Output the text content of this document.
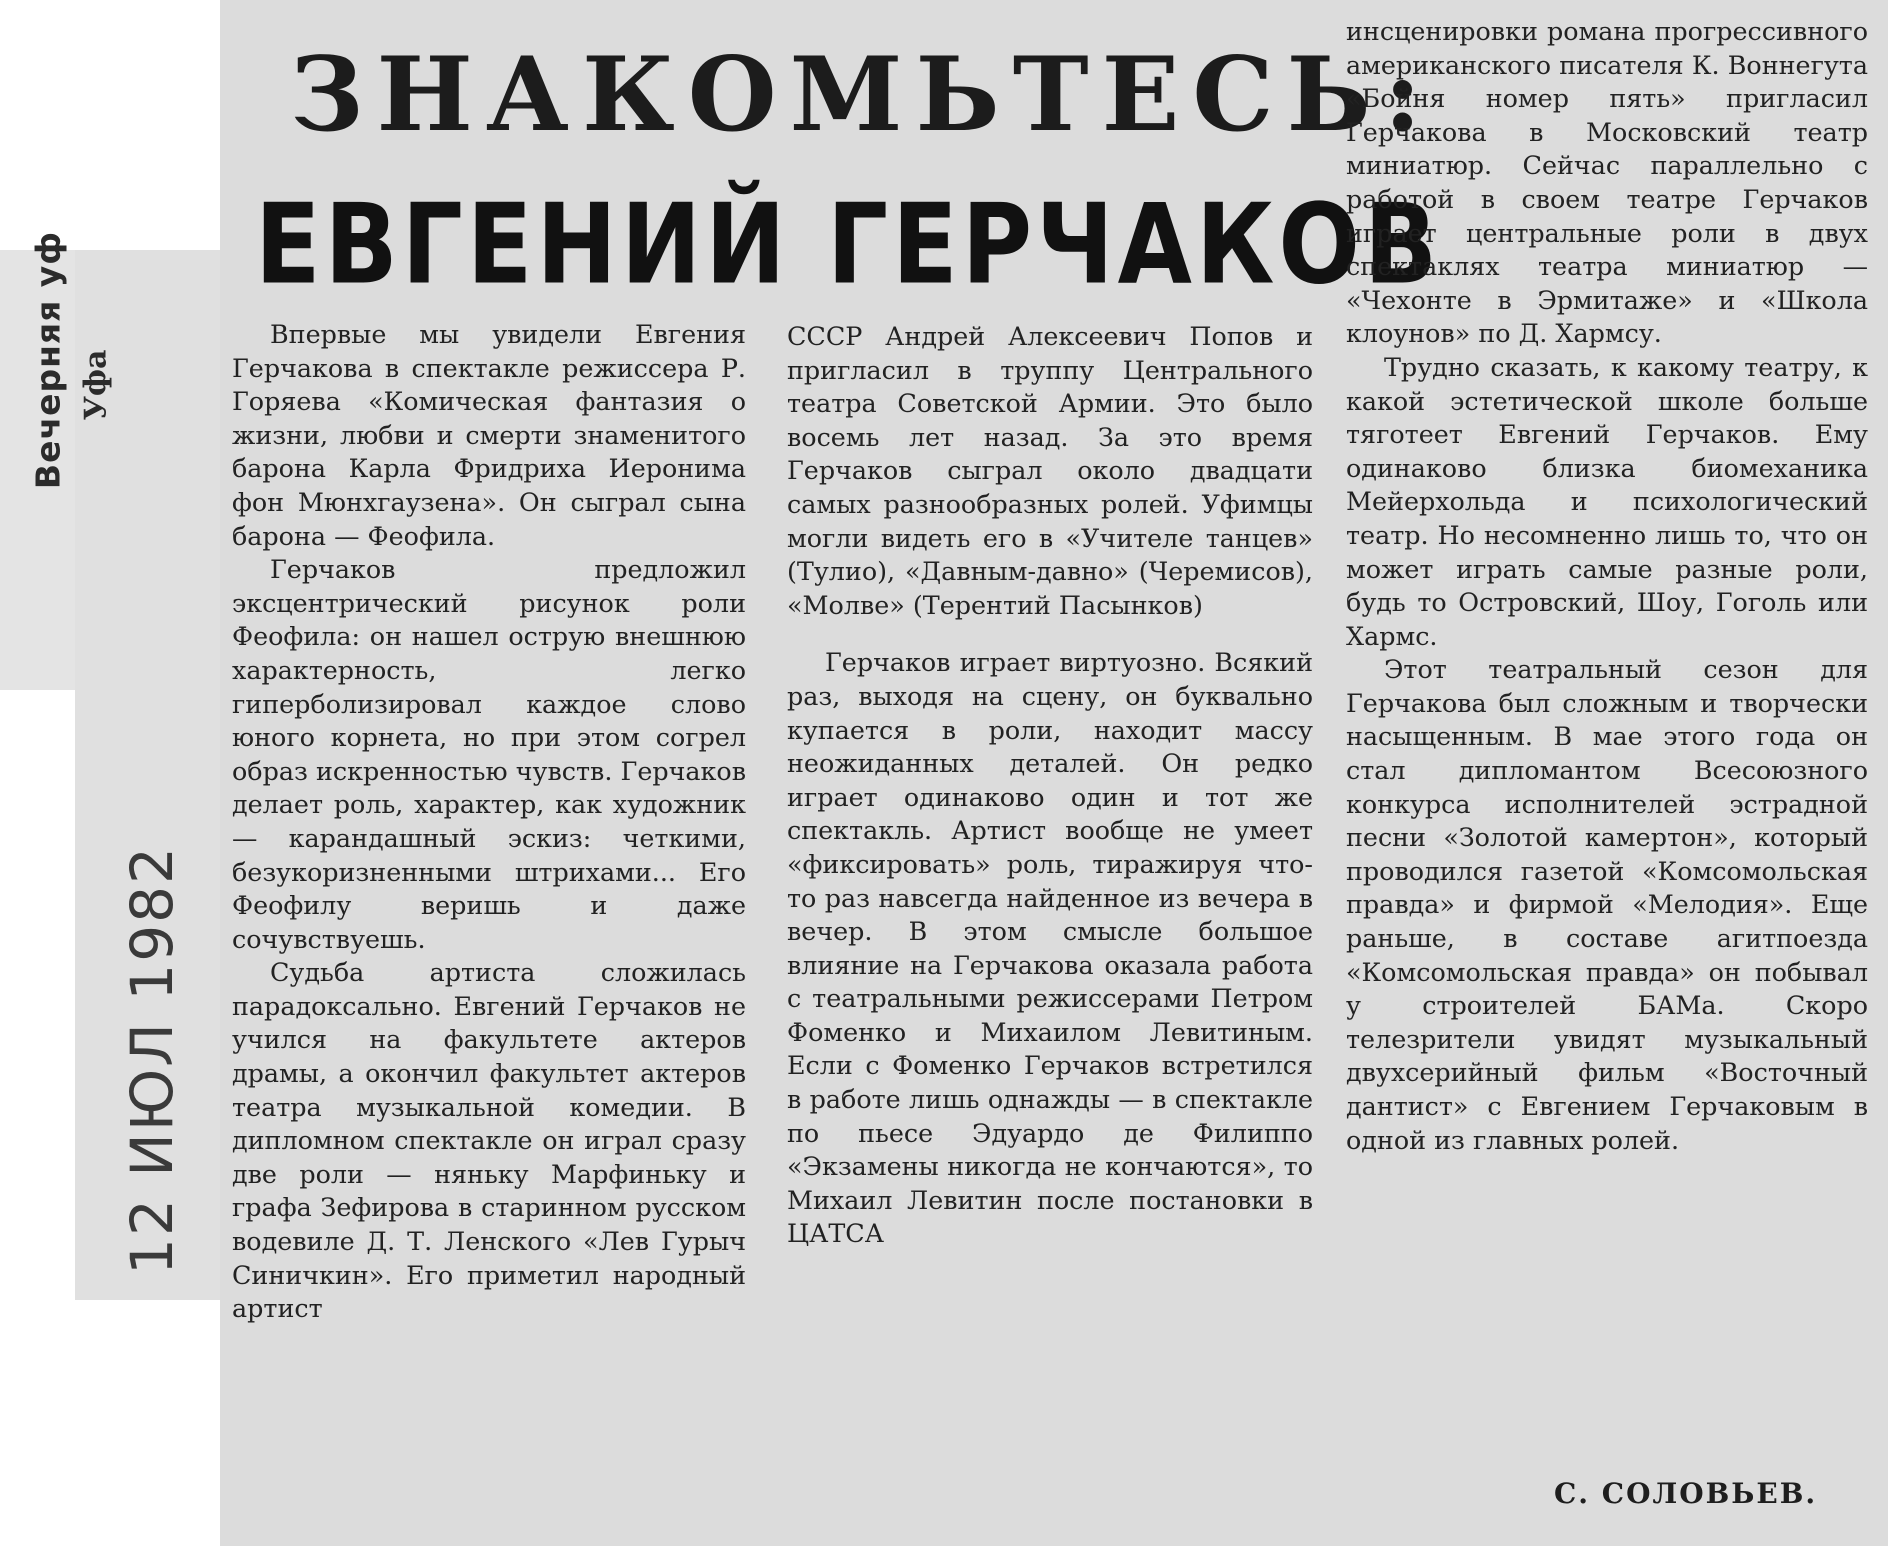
Вечерняя уф Уфа
12 ИЮЛ 1982
ЗНАКОМЬТЕСЬ:
ЕВГЕНИЙ ГЕРЧАКОВ

Впервые мы увидели Евгения Герчакова в спектакле режиссера Р. Горяева «Комическая фантазия о жизни, любви и смерти знаменитого барона Карла Фридриха Иеронима фон Мюнхгаузена». Он сыграл сына барона — Феофила.

Герчаков предложил эксцентрический рисунок роли Феофила: он нашел острую внешнюю характерность, легко гиперболизировал каждое слово юного корнета, но при этом согрел образ искренностью чувств. Герчаков делает роль, характер, как художник — карандашный эскиз: четкими, безукоризненными штрихами... Его Феофилу веришь и даже сочувствуешь.

Судьба артиста сложилась парадоксально. Евгений Герчаков не учился на факультете актеров драмы, а окончил факультет актеров театра музыкальной комедии. В дипломном спектакле он играл сразу две роли — няньку Марфиньку и графа Зефирова в старинном русском водевиле Д. Т. Ленского «Лев Гурыч Синичкин». Его приметил народный артист

СССР Андрей Алексеевич Попов и пригласил в труппу Центрального театра Советской Армии. Это было восемь лет назад. За это время Герчаков сыграл около двадцати самых разнообразных ролей. Уфимцы могли видеть его в «Учителе танцев» (Тулио), «Давным-давно» (Черемисов), «Молве» (Терентий Пасынков)

Герчаков играет виртуозно. Всякий раз, выходя на сцену, он буквально купается в роли, находит массу неожиданных деталей. Он редко играет одинаково один и тот же спектакль. Артист вообще не умеет «фиксировать» роль, тиражируя что-то раз навсегда найденное из вечера в вечер. В этом смысле большое влияние на Герчакова оказала работа с театральными режиссерами Петром Фоменко и Михаилом Левитиным. Если с Фоменко Герчаков встретился в работе лишь однажды — в спектакле по пьесе Эдуардо де Филиппо «Экзамены никогда не кончаются», то Михаил Левитин после постановки в ЦАТСА

инсценировки романа прогрессивного американского писателя К. Воннегута «Бойня номер пять» пригласил Герчакова в Московский театр миниатюр. Сейчас параллельно с работой в своем театре Герчаков играет центральные роли в двух спектаклях театра миниатюр — «Чехонте в Эрмитаже» и «Школа клоунов» по Д. Хармсу.

Трудно сказать, к какому театру, к какой эстетической школе больше тяготеет Евгений Герчаков. Ему одинаково близка биомеханика Мейерхольда и психологический театр. Но несомненно лишь то, что он может играть самые разные роли, будь то Островский, Шоу, Гоголь или Хармс.

Этот театральный сезон для Герчакова был сложным и творчески насыщенным. В мае этого года он стал дипломантом Всесоюзного конкурса исполнителей эстрадной песни «Золотой камертон», который проводился газетой «Комсомольская правда» и фирмой «Мелодия». Еще раньше, в составе агитпоезда «Комсомольская правда» он побывал у строителей БАМа. Скоро телезрители увидят музыкальный двухсерийный фильм «Восточный дантист» с Евгением Герчаковым в одной из главных ролей.

С. СОЛОВЬЕВ.
